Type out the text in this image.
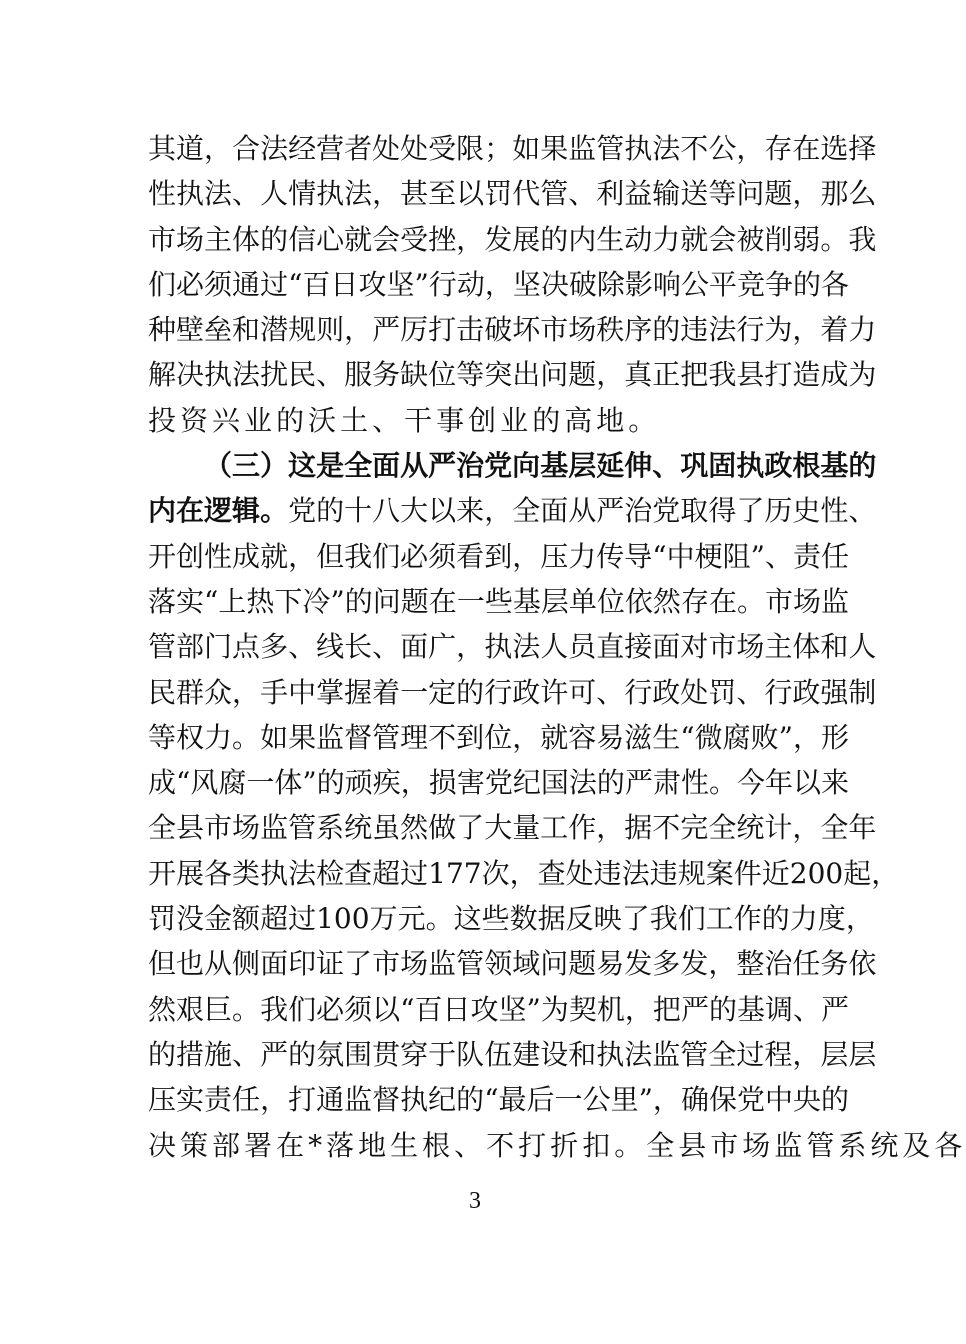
其 道 ， 合 法 经 营 者 处 处 受 限 ； 如 果 监 管 执 法 不 公 ， 存 在 选 择
性 执 法 、 人 情 执 法 ， 甚 至 以 罚 代 管 、 利 益 输 送 等 问 题 ， 那 么
市 场 主 体 的 信 心 就 会 受 挫 ， 发 展 的 内 生 动 力 就 会 被 削 弱 。 我
们 必 须 通 过 “ 百 日 攻 坚 ” 行 动 ， 坚 决 破 除 影 响 公 平 竞 争 的 各
种 壁 垒 和 潜 规 则 ， 严 厉 打 击 破 坏 市 场 秩 序 的 违 法 行 为 ， 着 力
解 决 执 法 扰 民 、 服 务 缺 位 等 突 出 问 题 ， 真 正 把 我 县 打 造 成 为
投 资 兴 业 的 沃 土 、 干 事 创 业 的 高 地 。
（ 三 ） 这 是 全 面 从 严 治 党 向 基 层 延 伸 、 巩 固 执 政 根 基 的
内 在 逻 辑 。 党 的 十 八 大 以 来 ， 全 面 从 严 治 党 取 得 了 历 史 性 、
开 创 性 成 就 ， 但 我 们 必 须 看 到 ， 压 力 传 导 “ 中 梗 阻 ” 、 责 任
落 实 “ 上 热 下 冷 ” 的 问 题 在 一 些 基 层 单 位 依 然 存 在 。 市 场 监
管 部 门 点 多 、 线 长 、 面 广 ， 执 法 人 员 直 接 面 对 市 场 主 体 和 人
民 群 众 ， 手 中 掌 握 着 一 定 的 行 政 许 可 、 行 政 处 罚 、 行 政 强 制
等 权 力 。 如 果 监 督 管 理 不 到 位 ， 就 容 易 滋 生 “ 微 腐 败 ” ， 形
成 “ 风 腐 一 体 ” 的 顽 疾 ， 损 害 党 纪 国 法 的 严 肃 性 。 今 年 以 来
全 县 市 场 监 管 系 统 虽 然 做 了 大 量 工 作 ， 据 不 完 全 统 计 ， 全 年
开 展 各 类 执 法 检 查 超 过 177 次 ， 查 处 违 法 违 规 案 件 近 200 起 ，
罚 没 金 额 超 过 100 万 元 。 这 些 数 据 反 映 了 我 们 工 作 的 力 度 ，
但 也 从 侧 面 印 证 了 市 场 监 管 领 域 问 题 易 发 多 发 ， 整 治 任 务 依
然 艰 巨 。 我 们 必 须 以 “ 百 日 攻 坚 ” 为 契 机 ， 把 严 的 基 调 、 严
的 措 施 、 严 的 氛 围 贯 穿 于 队 伍 建 设 和 执 法 监 管 全 过 程 ， 层 层
压 实 责 任 ， 打 通 监 督 执 纪 的 “ 最 后 一 公 里 ” ， 确 保 党 中 央 的
决 策 部 署 在 * 落 地 生 根 、 不 打 折 扣 。 全 县 市 场 监 管 系 统 及 各
3
